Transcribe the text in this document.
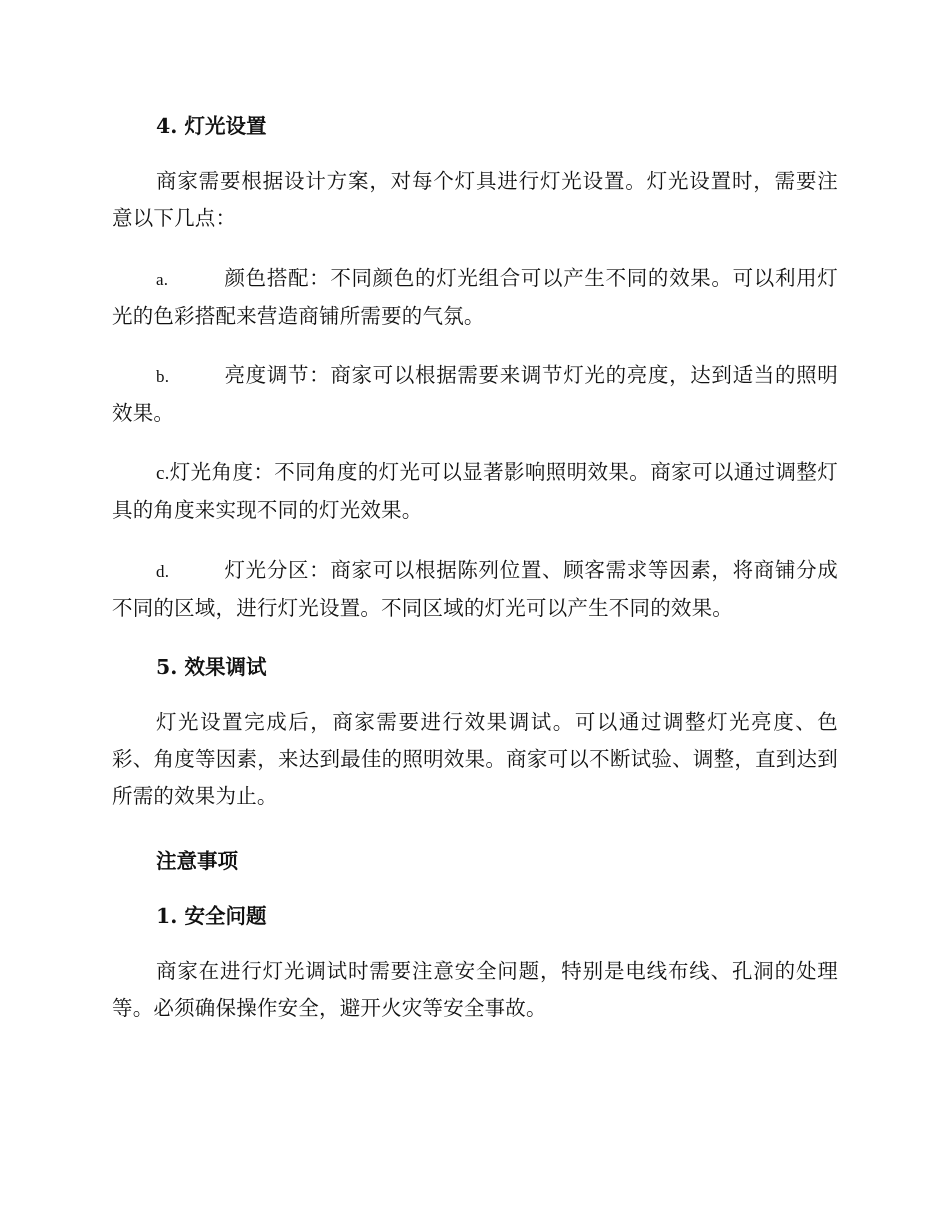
4. 灯光设置

商家需要根据设计方案，对每个灯具进行灯光设置。灯光设置时，需要注意以下几点：

a.	颜色搭配：不同颜色的灯光组合可以产生不同的效果。可以利用灯光的色彩搭配来营造商铺所需要的气氛。

b.	亮度调节：商家可以根据需要来调节灯光的亮度，达到适当的照明效果。

c.灯光角度：不同角度的灯光可以显著影响照明效果。商家可以通过调整灯具的角度来实现不同的灯光效果。

d.	灯光分区：商家可以根据陈列位置、顾客需求等因素，将商铺分成不同的区域，进行灯光设置。不同区域的灯光可以产生不同的效果。

5. 效果调试

灯光设置完成后，商家需要进行效果调试。可以通过调整灯光亮度、色彩、角度等因素，来达到最佳的照明效果。商家可以不断试验、调整，直到达到所需的效果为止。

注意事项

1. 安全问题

商家在进行灯光调试时需要注意安全问题，特别是电线布线、孔洞的处理等。必须确保操作安全，避开火灾等安全事故。
